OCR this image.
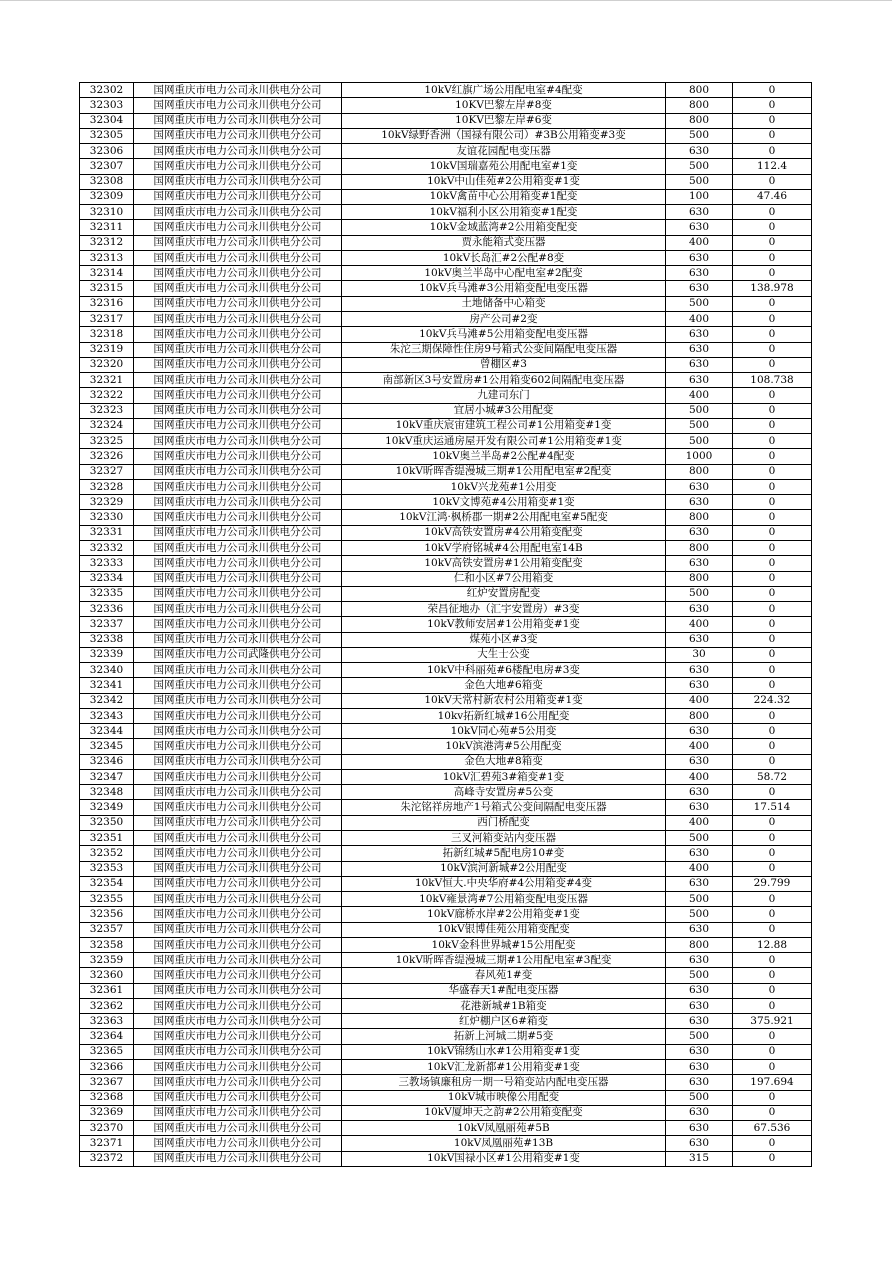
32302	国网重庆市电力公司永川供电分公司	10kV红旗广场公用配电室#4配变	800	0
32303	国网重庆市电力公司永川供电分公司	10KV巴黎左岸#8变	800	0
32304	国网重庆市电力公司永川供电分公司	10KV巴黎左岸#6变	800	0
32305	国网重庆市电力公司永川供电分公司	10kV绿野香洲（国禄有限公司）#3B公用箱变#3变	500	0
32306	国网重庆市电力公司永川供电分公司	友谊花园配电变压器	630	0
32307	国网重庆市电力公司永川供电分公司	10kV国瑞嘉苑公用配电室#1变	500	112.4
32308	国网重庆市电力公司永川供电分公司	10kV中山佳苑#2公用箱变#1变	500	0
32309	国网重庆市电力公司永川供电分公司	10kV禽苗中心公用箱变#1配变	100	47.46
32310	国网重庆市电力公司永川供电分公司	10kV福利小区公用箱变#1配变	630	0
32311	国网重庆市电力公司永川供电分公司	10kV金域蓝湾#2公用箱变配变	630	0
32312	国网重庆市电力公司永川供电分公司	贾永能箱式变压器	400	0
32313	国网重庆市电力公司永川供电分公司	10kV长岛汇#2公配#8变	630	0
32314	国网重庆市电力公司永川供电分公司	10kV奥兰半岛中心配电室#2配变	630	0
32315	国网重庆市电力公司永川供电分公司	10kV兵马滩#3公用箱变配电变压器	630	138.978
32316	国网重庆市电力公司永川供电分公司	土地储备中心箱变	500	0
32317	国网重庆市电力公司永川供电分公司	房产公司#2变	400	0
32318	国网重庆市电力公司永川供电分公司	10kV兵马滩#5公用箱变配电变压器	630	0
32319	国网重庆市电力公司永川供电分公司	朱沱三期保障性住房9号箱式公变间隔配电变压器	630	0
32320	国网重庆市电力公司永川供电分公司	曾棚区#3	630	0
32321	国网重庆市电力公司永川供电分公司	南部新区3号安置房#1公用箱变602间隔配电变压器	630	108.738
32322	国网重庆市电力公司永川供电分公司	九建司东门	400	0
32323	国网重庆市电力公司永川供电分公司	宜居小城#3公用配变	500	0
32324	国网重庆市电力公司永川供电分公司	10kV重庆宸宙建筑工程公司#1公用箱变#1变	500	0
32325	国网重庆市电力公司永川供电分公司	10kV重庆运通房屋开发有限公司#1公用箱变#1变	500	0
32326	国网重庆市电力公司永川供电分公司	10kV奥兰半岛#2公配#4配变	1000	0
32327	国网重庆市电力公司永川供电分公司	10kV昕晖香缇漫城三期#1公用配电室#2配变	800	0
32328	国网重庆市电力公司永川供电分公司	10kV兴龙苑#1公用变	630	0
32329	国网重庆市电力公司永川供电分公司	10kV文博苑#4公用箱变#1变	630	0
32330	国网重庆市电力公司永川供电分公司	10kV江鸿·枫桥郡一期#2公用配电室#5配变	800	0
32331	国网重庆市电力公司永川供电分公司	10kV高铁安置房#4公用箱变配变	630	0
32332	国网重庆市电力公司永川供电分公司	10kV学府铭城#4公用配电室14B	800	0
32333	国网重庆市电力公司永川供电分公司	10kV高铁安置房#1公用箱变配变	630	0
32334	国网重庆市电力公司永川供电分公司	仁和小区#7公用箱变	800	0
32335	国网重庆市电力公司永川供电分公司	红炉安置房配变	500	0
32336	国网重庆市电力公司永川供电分公司	荣昌征地办（汇宇安置房）#3变	630	0
32337	国网重庆市电力公司永川供电分公司	10kV教师安居#1公用箱变#1变	400	0
32338	国网重庆市电力公司永川供电分公司	煤苑小区#3变	630	0
32339	国网重庆市电力公司武隆供电分公司	大生士公变	30	0
32340	国网重庆市电力公司永川供电分公司	10kV中科丽苑#6楼配电房#3变	630	0
32341	国网重庆市电力公司永川供电分公司	金色大地#6箱变	630	0
32342	国网重庆市电力公司永川供电分公司	10kV天常村新农村公用箱变#1变	400	224.32
32343	国网重庆市电力公司永川供电分公司	10kv拓新红城#16公用配变	800	0
32344	国网重庆市电力公司永川供电分公司	10kV同心苑#5公用变	630	0
32345	国网重庆市电力公司永川供电分公司	10kV滨港湾#5公用配变	400	0
32346	国网重庆市电力公司永川供电分公司	金色大地#8箱变	630	0
32347	国网重庆市电力公司永川供电分公司	10kV汇碧苑3#箱变#1变	400	58.72
32348	国网重庆市电力公司永川供电分公司	高峰寺安置房#5公变	630	0
32349	国网重庆市电力公司永川供电分公司	朱沱铭祥房地产1号箱式公变间隔配电变压器	630	17.514
32350	国网重庆市电力公司永川供电分公司	西门桥配变	400	0
32351	国网重庆市电力公司永川供电分公司	三叉河箱变站内变压器	500	0
32352	国网重庆市电力公司永川供电分公司	拓新红城#5配电房10#变	630	0
32353	国网重庆市电力公司永川供电分公司	10kV滨河新城#2公用配变	400	0
32354	国网重庆市电力公司永川供电分公司	10kV恒大.中央华府#4公用箱变#4变	630	29.799
32355	国网重庆市电力公司永川供电分公司	10kV雍景湾#7公用箱变配电变压器	500	0
32356	国网重庆市电力公司永川供电分公司	10kV廊桥水岸#2公用箱变#1变	500	0
32357	国网重庆市电力公司永川供电分公司	10kV银博佳苑公用箱变配变	630	0
32358	国网重庆市电力公司永川供电分公司	10kV金科世界城#15公用配变	800	12.88
32359	国网重庆市电力公司永川供电分公司	10kV昕晖香缇漫城三期#1公用配电室#3配变	630	0
32360	国网重庆市电力公司永川供电分公司	春风苑1#变	500	0
32361	国网重庆市电力公司永川供电分公司	华盛春天1#配电变压器	630	0
32362	国网重庆市电力公司永川供电分公司	花港新城#1B箱变	630	0
32363	国网重庆市电力公司永川供电分公司	红炉棚户区6#箱变	630	375.921
32364	国网重庆市电力公司永川供电分公司	拓新上河城二期#5变	500	0
32365	国网重庆市电力公司永川供电分公司	10kV锦绣山水#1公用箱变#1变	630	0
32366	国网重庆市电力公司永川供电分公司	10kV汇龙新都#1公用箱变#1变	630	0
32367	国网重庆市电力公司永川供电分公司	三教场镇廉租房一期一号箱变站内配电变压器	630	197.694
32368	国网重庆市电力公司永川供电分公司	10kV城市映像公用配变	500	0
32369	国网重庆市电力公司永川供电分公司	10kV厦坤天之韵#2公用箱变配变	630	0
32370	国网重庆市电力公司永川供电分公司	10kV凤凰丽苑#5B	630	67.536
32371	国网重庆市电力公司永川供电分公司	10kV凤凰丽苑#13B	630	0
32372	国网重庆市电力公司永川供电分公司	10kV国禄小区#1公用箱变#1变	315	0
